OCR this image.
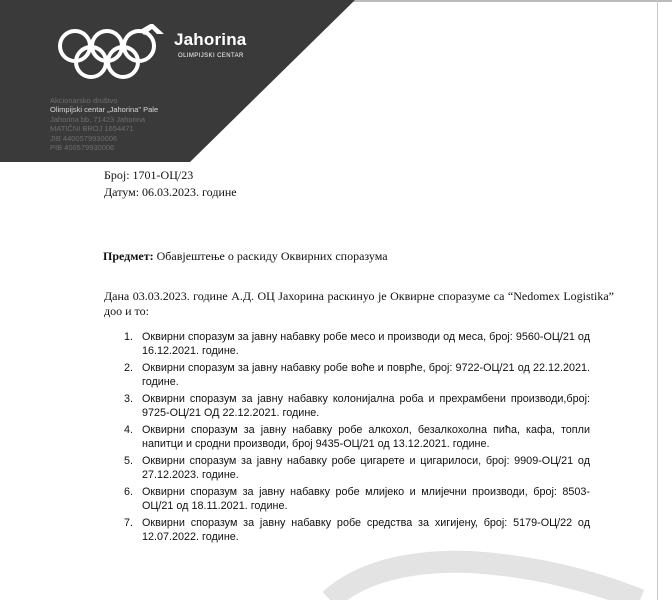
Jahorina
OLIMPIJSKI CENTAR
Akcionarsko društvo
Olimpijski centar „Jahorina" Pale
Jahorina bb, 71423 Jahorina
MATIČNI BROJ 1654471
JIB 4400579930006
PIB 400579930006
Број: 1701-ОЦ/23
Датум: 06.03.2023. године
Предмет: Обавјештење о раскиду Оквирних споразума
Дана 03.03.2023. године А.Д. ОЦ Јахорина раскинуо је Оквирне споразуме са “Nedomex Logistika” доо и то:
1. Оквирни споразум за јавну набавку робе месо и производи од меса, број: 9560-ОЦ/21 од 16.12.2021. године.
2. Оквирни споразум за јавну набавку робе воће и поврће, број: 9722-ОЦ/21 од 22.12.2021. године.
3. Оквирни споразум за јавну набавку колонијална роба и прехрамбени производи,број: 9725-ОЦ/21 ОД 22.12.2021. године.
4. Оквирни споразум за јавну набавку робе алкохол, безалкохолна пића, кафа, топли напитци и сродни производи, број 9435-ОЦ/21 од 13.12.2021. године.
5. Оквирни споразум за јавну набавку робе цигарете и цигарилоси, број: 9909-ОЦ/21 од 27.12.2023. године.
6. Оквирни споразум за јавну набавку робе млијеко и млијечни производи, број: 8503-ОЦ/21 од 18.11.2021. године.
7. Оквирни споразум за јавну набавку робе средства за хигијену, број: 5179-ОЦ/22 од 12.07.2022. године.
